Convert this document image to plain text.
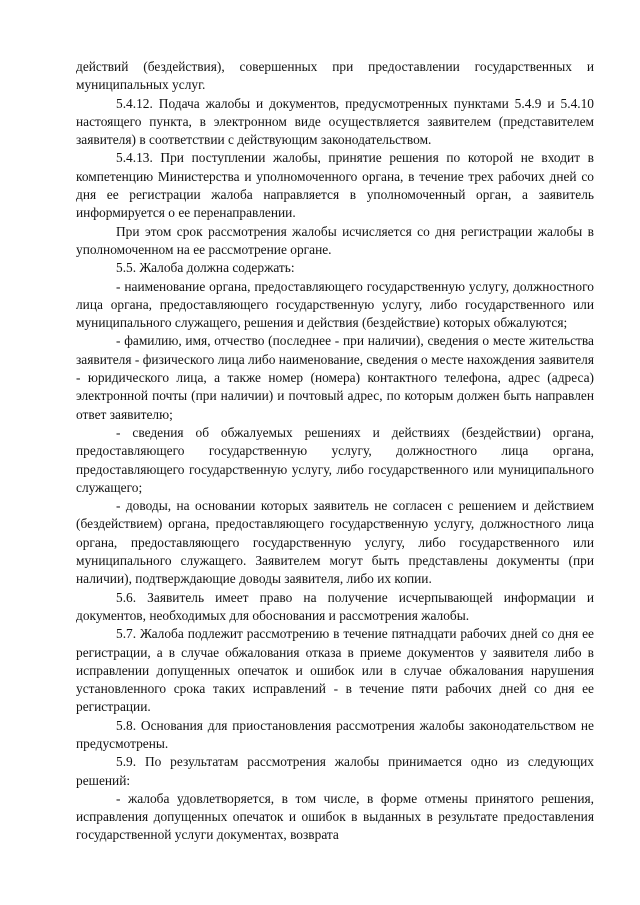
действий (бездействия), совершенных при предоставлении государственных и муниципальных услуг.

5.4.12. Подача жалобы и документов, предусмотренных пунктами 5.4.9 и 5.4.10 настоящего пункта, в электронном виде осуществляется заявителем (представителем заявителя) в соответствии с действующим законодательством.

5.4.13. При поступлении жалобы, принятие решения по которой не входит в компетенцию Министерства и уполномоченного органа, в течение трех рабочих дней со дня ее регистрации жалоба направляется в уполномоченный орган, а заявитель информируется о ее перенаправлении.

При этом срок рассмотрения жалобы исчисляется со дня регистрации жалобы в уполномоченном на ее рассмотрение органе.

5.5. Жалоба должна содержать:

- наименование органа, предоставляющего государственную услугу, должностного лица органа, предоставляющего государственную услугу, либо государственного или муниципального служащего, решения и действия (бездействие) которых обжалуются;

- фамилию, имя, отчество (последнее - при наличии), сведения о месте жительства заявителя - физического лица либо наименование, сведения о месте нахождения заявителя - юридического лица, а также номер (номера) контактного телефона, адрес (адреса) электронной почты (при наличии) и почтовый адрес, по которым должен быть направлен ответ заявителю;

- сведения об обжалуемых решениях и действиях (бездействии) органа, предоставляющего государственную услугу, должностного лица органа, предоставляющего государственную услугу, либо государственного или муниципального служащего;

- доводы, на основании которых заявитель не согласен с решением и действием (бездействием) органа, предоставляющего государственную услугу, должностного лица органа, предоставляющего государственную услугу, либо государственного или муниципального служащего. Заявителем могут быть представлены документы (при наличии), подтверждающие доводы заявителя, либо их копии.

5.6. Заявитель имеет право на получение исчерпывающей информации и документов, необходимых для обоснования и рассмотрения жалобы.

5.7. Жалоба подлежит рассмотрению в течение пятнадцати рабочих дней со дня ее регистрации, а в случае обжалования отказа в приеме документов у заявителя либо в исправлении допущенных опечаток и ошибок или в случае обжалования нарушения установленного срока таких исправлений - в течение пяти рабочих дней со дня ее регистрации.

5.8. Основания для приостановления рассмотрения жалобы законодательством не предусмотрены.

5.9. По результатам рассмотрения жалобы принимается одно из следующих решений:

- жалоба удовлетворяется, в том числе, в форме отмены принятого решения, исправления допущенных опечаток и ошибок в выданных в результате предоставления государственной услуги документах, возврата
